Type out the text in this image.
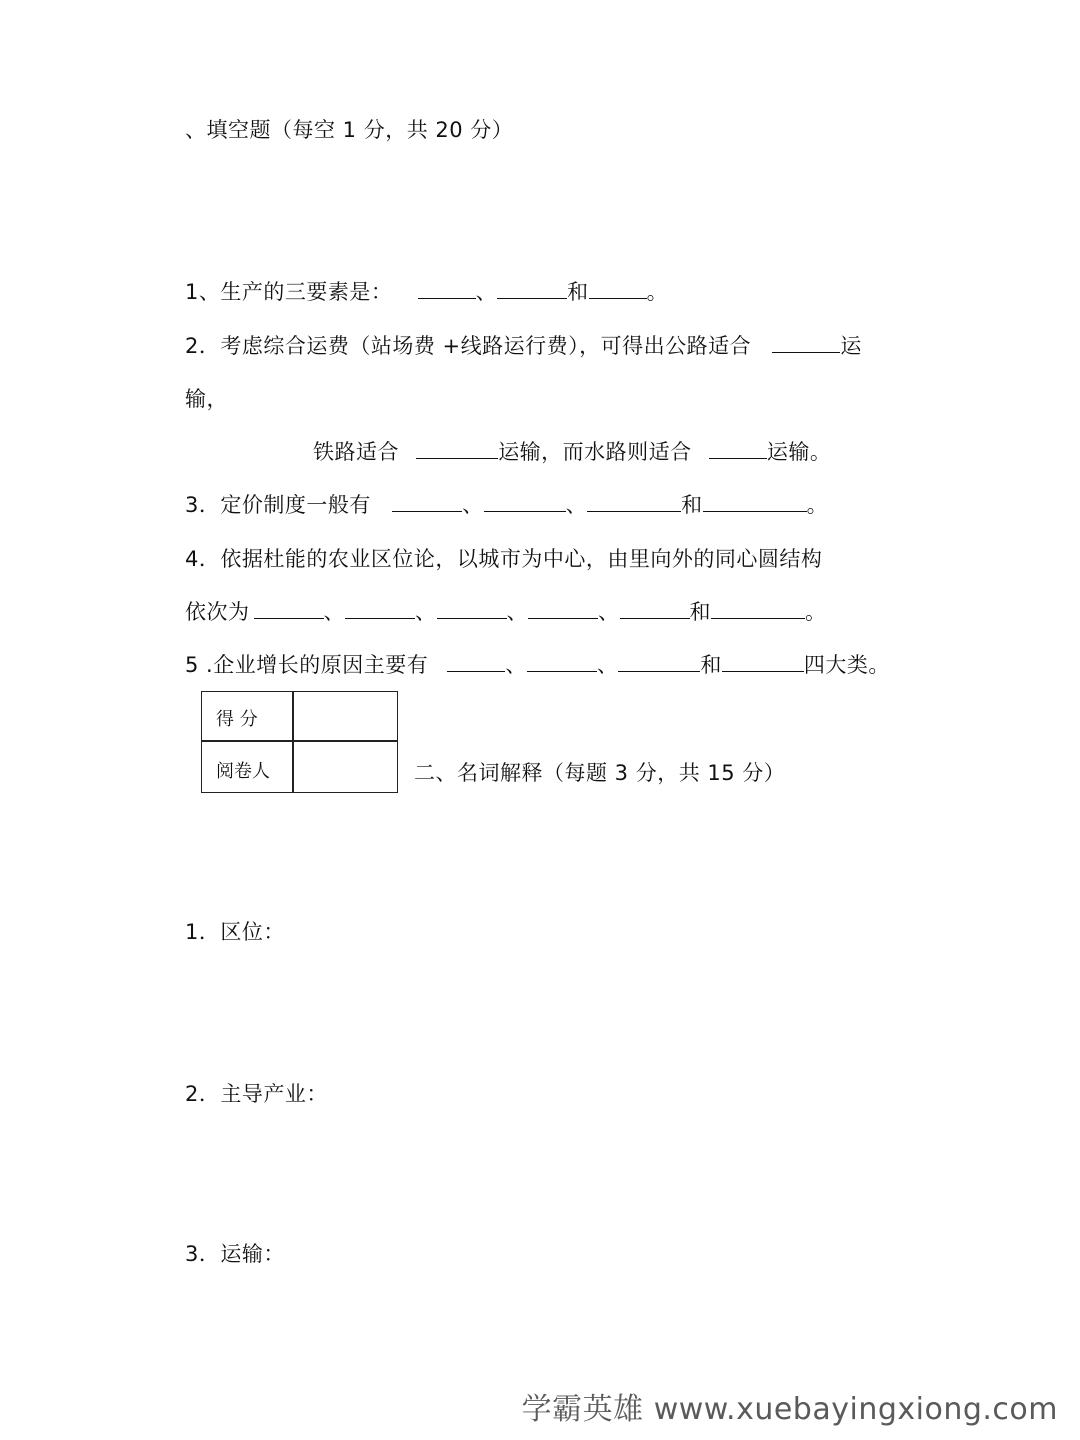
、填空题（每空 1 分，共 20 分）
1、生产的三要素是：	、	和	。
2．考虑综合运费（站场费 +线路运行费），可得出公路适合	运
输，
铁路适合	运输，而水路则适合	运输。
3．定价制度一般有	、	、	和	。
4．依据杜能的农业区位论，以城市为中心，由里向外的同心圆结构
依次为	、	、	、	、	和	。
5 .企业增长的原因主要有	、	、	和	四大类。
得 分
阅卷人	二、名词解释（每题 3 分，共 15 分）
1．区位：
2．主导产业：
3．运输：
学霸英雄 www.xuebayingxiong.com
